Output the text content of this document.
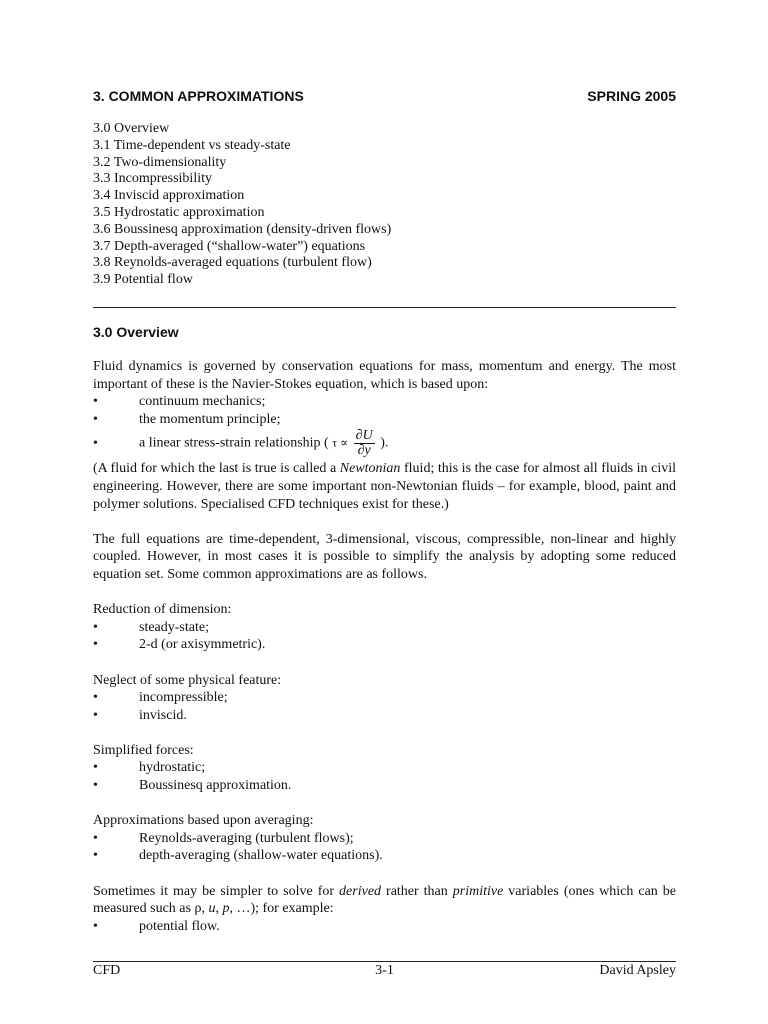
3. COMMON APPROXIMATIONS	SPRING 2005
3.0 Overview
3.1 Time-dependent vs steady-state
3.2 Two-dimensionality
3.3 Incompressibility
3.4 Inviscid approximation
3.5 Hydrostatic approximation
3.6 Boussinesq approximation (density-driven flows)
3.7 Depth-averaged (“shallow-water”) equations
3.8 Reynolds-averaged equations (turbulent flow)
3.9 Potential flow
3.0 Overview

Fluid dynamics is governed by conservation equations for mass, momentum and energy. The most important of these is the Navier-Stokes equation, which is based upon:

•	continuum mechanics;
•	the momentum principle;
•	a linear stress-strain relationship ( $\tau \propto \frac{\partial U}{\partial y}$ ).

(A fluid for which the last is true is called a Newtonian fluid; this is the case for almost all fluids in civil engineering. However, there are some important non-Newtonian fluids – for example, blood, paint and polymer solutions. Specialised CFD techniques exist for these.)

The full equations are time-dependent, 3-dimensional, viscous, compressible, non-linear and highly coupled. However, in most cases it is possible to simplify the analysis by adopting some reduced equation set. Some common approximations are as follows.

Reduction of dimension:

•	steady-state;
•	2-d (or axisymmetric).

Neglect of some physical feature:

•	incompressible;
•	inviscid.

Simplified forces:

•	hydrostatic;
•	Boussinesq approximation.

Approximations based upon averaging:

•	Reynolds-averaging (turbulent flows);
•	depth-averaging (shallow-water equations).

Sometimes it may be simpler to solve for derived rather than primitive variables (ones which can be measured such as ρ, u, p, …); for example:

•	potential flow.
CFD	3-1	David Apsley
